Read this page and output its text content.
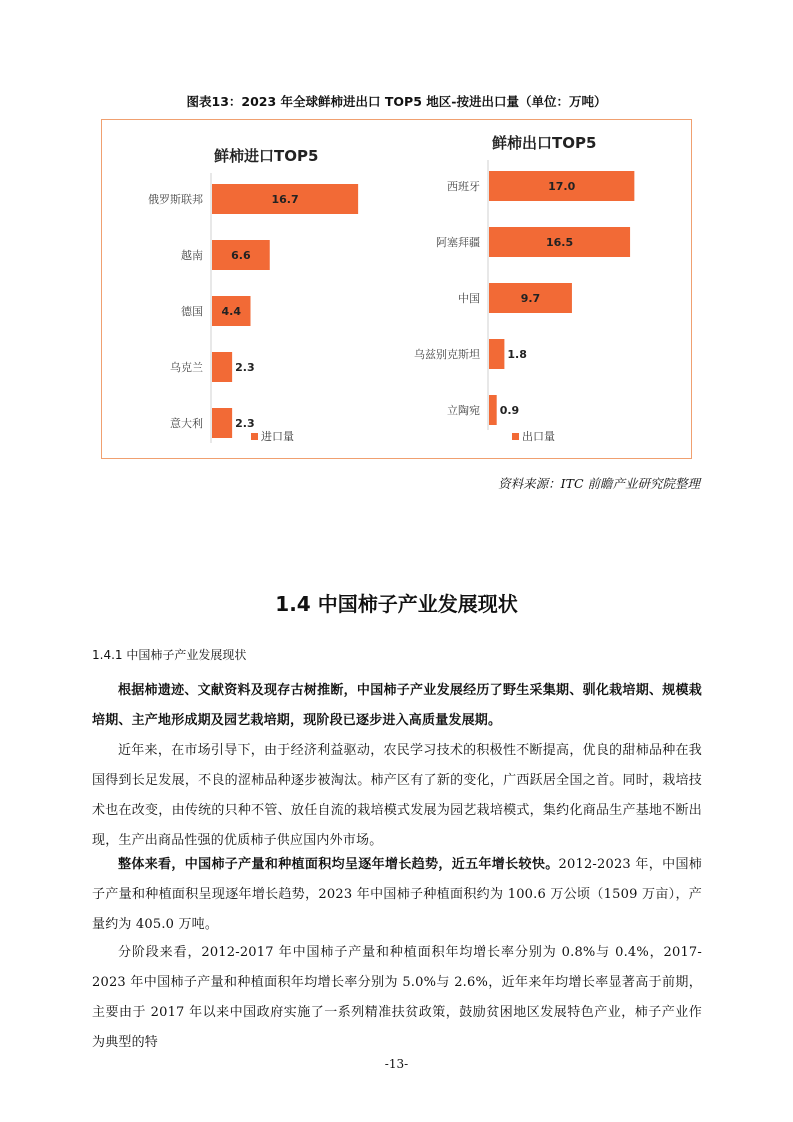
图表13：2023 年全球鲜柿进出口 TOP5 地区-按进出口量（单位：万吨）
鲜柿进口TOP5
俄罗斯联邦	16.7
越南	6.6
德国 4.4
乌克兰	2.3
意大利	2.3
进口量
鲜柿出口TOP5
西班牙	17.0
阿塞拜疆	16.5
中国	9.7
乌兹别克斯坦 1.8
立陶宛 0.9
出口量
资料来源：ITC 前瞻产业研究院整理
1.4 中国柿子产业发展现状
1.4.1 中国柿子产业发展现状
根据柿遗迹、文献资料及现存古树推断，中国柿子产业发展经历了野生采集期、驯化栽培期、规模栽培期、主产地形成期及园艺栽培期，现阶段已逐步进入高质量发展期。
近年来，在市场引导下，由于经济利益驱动，农民学习技术的积极性不断提高，优良的甜柿品种在我国得到长足发展，不良的涩柿品种逐步被淘汰。柿产区有了新的变化，广西跃居全国之首。同时，栽培技术也在改变，由传统的只种不管、放任自流的栽培模式发展为园艺栽培模式，集约化商品生产基地不断出现，生产出商品性强的优质柿子供应国内外市场。
整体来看，中国柿子产量和种植面积均呈逐年增长趋势，近五年增长较快。2012-2023 年，中国柿子产量和种植面积呈现逐年增长趋势，2023 年中国柿子种植面积约为 100.6 万公顷（1509 万亩），产量约为 405.0 万吨。
分阶段来看，2012-2017 年中国柿子产量和种植面积年均增长率分别为 0.8%与 0.4%，2017-2023 年中国柿子产量和种植面积年均增长率分别为 5.0%与 2.6%，近年来年均增长率显著高于前期，主要由于 2017 年以来中国政府实施了一系列精准扶贫政策，鼓励贫困地区发展特色产业，柿子产业作为典型的特
-13-
